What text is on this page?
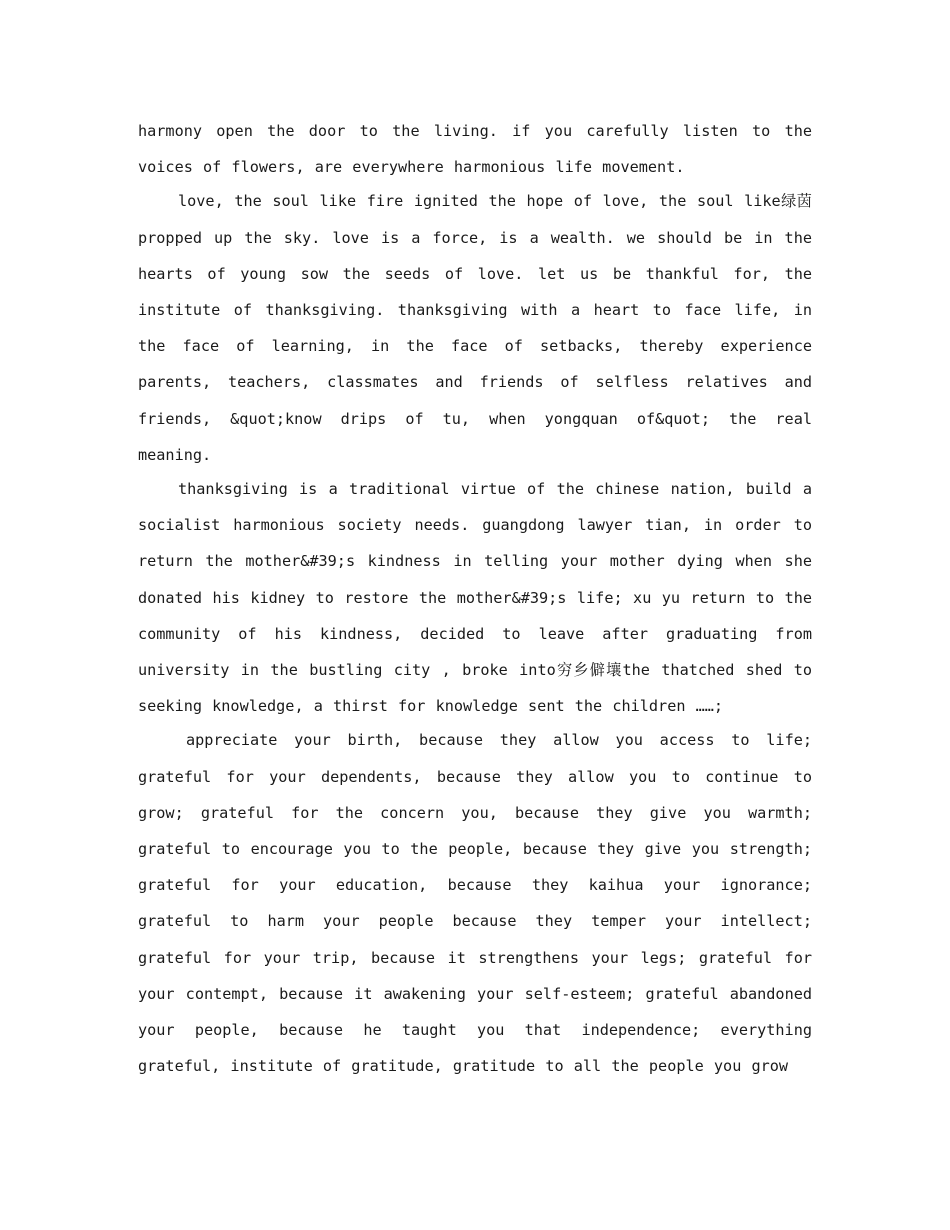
harmony open the door to the living. if you carefully listen to the voices of flowers, are everywhere harmonious life movement.

love, the soul like fire ignited the hope of love, the soul like绿茵propped up the sky. love is a force, is a wealth. we should be in the hearts of young sow the seeds of love. let us be thankful for, the institute of thanksgiving. thanksgiving with a heart to face life, in the face of learning, in the face of setbacks, thereby experience parents, teachers, classmates and friends of selfless relatives and friends, &quot;know drips of tu, when yongquan of&quot; the real meaning.

thanksgiving is a traditional virtue of the chinese nation, build a socialist harmonious society needs. guangdong lawyer tian, in order to return the mother&#39;s kindness in telling your mother dying when she donated his kidney to restore the mother&#39;s life; xu yu return to the community of his kindness, decided to leave after graduating from university in the bustling city , broke into穷乡僻壤the thatched shed to seeking knowledge, a thirst for knowledge sent the children ……;

appreciate your birth, because they allow you access to life; grateful for your dependents, because they allow you to continue to grow; grateful for the concern you, because they give you warmth; grateful to encourage you to the people, because they give you strength; grateful for your education, because they kaihua your ignorance; grateful to harm your people because they temper your intellect; grateful for your trip, because it strengthens your legs; grateful for your contempt, because it awakening your self-esteem; grateful abandoned your people, because he taught you that independence; everything grateful, institute of gratitude, gratitude to all the people you grow
